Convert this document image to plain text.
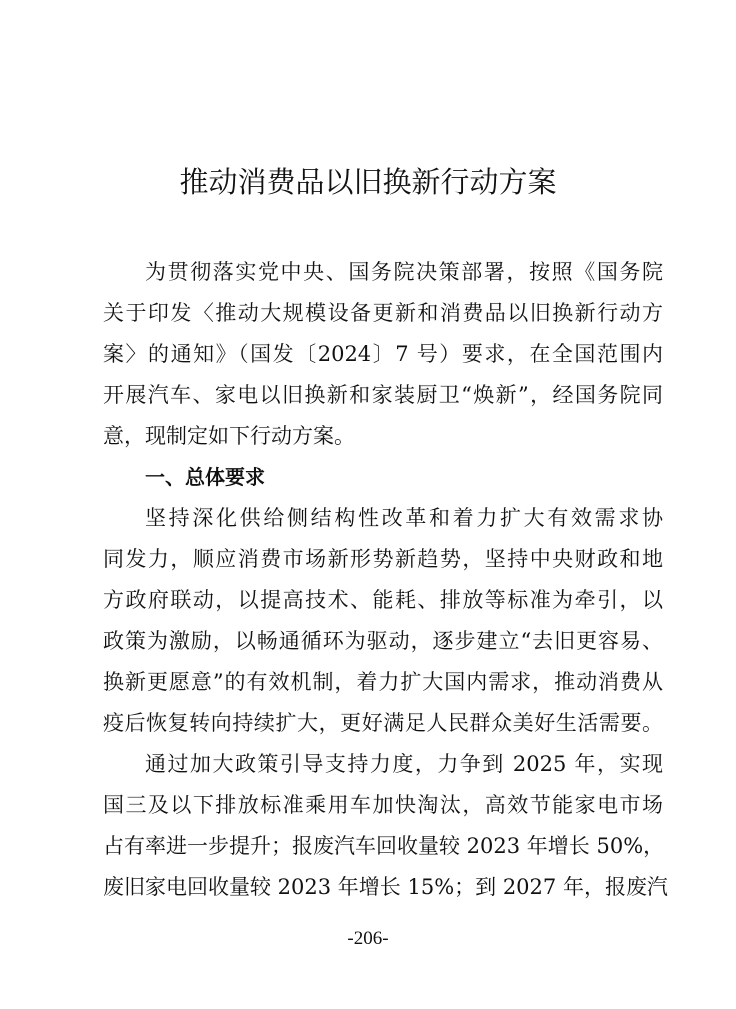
推动消费品以旧换新行动方案
为贯彻落实党中央、国务院决策部署，按照《国务院
关于印发〈推动大规模设备更新和消费品以旧换新行动方
案〉的通知》（国发〔2024〕7 号）要求，在全国范围内
开展汽车、家电以旧换新和家装厨卫“焕新”，经国务院同
意，现制定如下行动方案。
一、总体要求
坚持深化供给侧结构性改革和着力扩大有效需求协
同发力，顺应消费市场新形势新趋势，坚持中央财政和地
方政府联动，以提高技术、能耗、排放等标准为牵引，以
政策为激励，以畅通循环为驱动，逐步建立“去旧更容易、
换新更愿意”的有效机制，着力扩大国内需求，推动消费从
疫后恢复转向持续扩大，更好满足人民群众美好生活需要。
通过加大政策引导支持力度，力争到 2025 年，实现
国三及以下排放标准乘用车加快淘汰，高效节能家电市场
占有率进一步提升；报废汽车回收量较 2023 年增长 50%，
废旧家电回收量较 2023 年增长 15%；到 2027 年，报废汽
-206-
